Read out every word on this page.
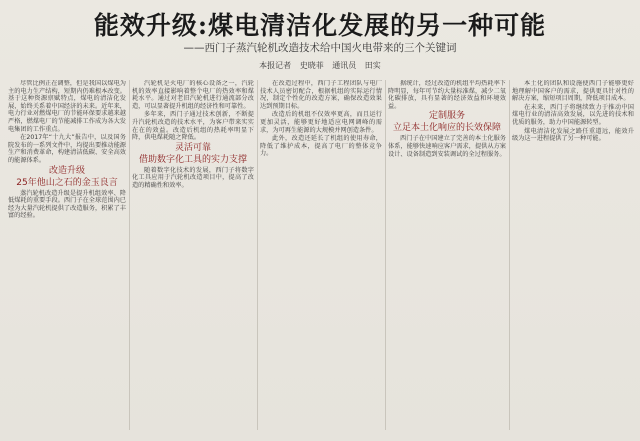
能效升级:煤电清洁化发展的另一种可能
——西门子蒸汽轮机改造技术给中国火电带来的三个关键词
本报记者 史晓菲 通讯员 田实

尽管比例正在调整，但是我国以煤电为主的电力生产结构，短期内仍难根本改变。基于这种资源禀赋特点，煤电的清洁化发展，始终关系着中国经济的未来。近年来，电力行业对燃煤电厂的节能环保要求越来越严格，燃煤电厂的节能减排工作成为各大发电集团的工作重点。

在2017年“十九大”报告中，以及国务院发布的一系列文件中，均提出要推动能源生产和消费革命，构建清洁低碳、安全高效的能源体系。

改造升级

25年他山之石的金玉良言

蒸汽轮机改造升级是提升机组效率、降低煤耗的重要手段。西门子在全球范围内已经为大量汽轮机提供了改造服务，积累了丰富的经验。

汽轮机是火电厂的核心设备之一，汽轮机的效率直接影响着整个电厂的热效率和煤耗水平。通过对老旧汽轮机进行通流部分改造，可以显著提升机组的经济性和可靠性。

多年来，西门子通过技术创新，不断提升汽轮机改造的技术水平，为客户带来实实在在的效益。改造后机组的热耗率明显下降，供电煤耗随之降低。

灵活可靠

借助数字化工具的实力支撑

随着数字化技术的发展，西门子将数字化工具应用于汽轮机改造项目中，提高了改造的精确性和效率。

在改造过程中，西门子工程团队与电厂技术人员密切配合，根据机组的实际运行情况，制定个性化的改造方案，确保改造效果达到预期目标。

改造后的机组不仅效率更高，而且运行更加灵活，能够更好地适应电网调峰的需求，为可再生能源的大规模并网创造条件。

此外，改造还延长了机组的使用寿命，降低了维护成本，提高了电厂的整体竞争力。

据统计，经过改造的机组平均热耗率下降明显，每年可节约大量标准煤，减少二氧化碳排放，具有显著的经济效益和环境效益。

定制服务

立足本土化响应的长效保障

西门子在中国建立了完善的本土化服务体系，能够快速响应客户需求，提供从方案设计、设备制造到安装调试的全过程服务。

本土化的团队和设施使西门子能够更好地理解中国客户的需求，提供更具针对性的解决方案，缩短项目周期，降低项目成本。

在未来，西门子将继续致力于推动中国煤电行业的清洁高效发展，以先进的技术和优质的服务，助力中国能源转型。

煤电清洁化发展之路任重道远，能效升级为这一进程提供了另一种可能。
